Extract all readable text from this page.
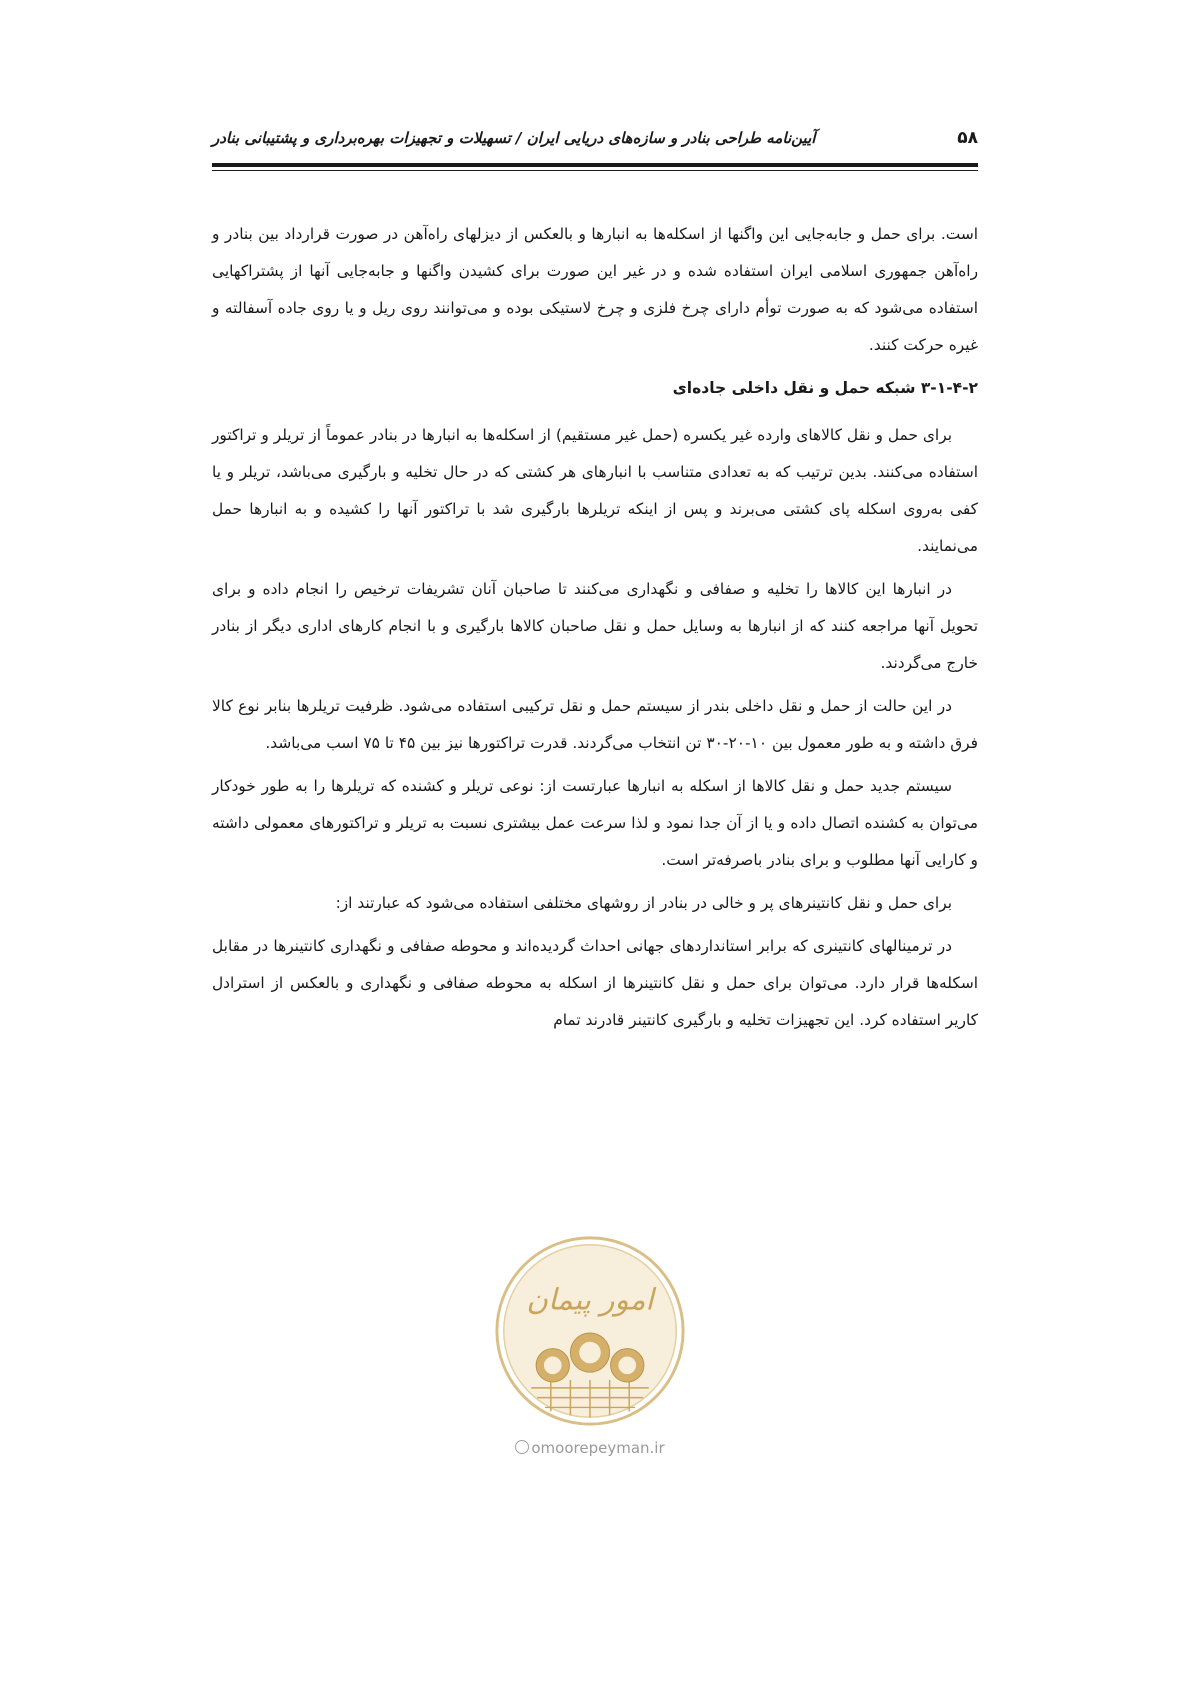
۵۸
آیین‌نامه طراحی بنادر و سازه‌های دریایی ایران / تسهیلات و تجهیزات بهره‌برداری و پشتیبانی بنادر

است. برای حمل و جابه‌جایی این واگنها از اسکله‌ها به انبارها و بالعکس از دیزلهای راه‌آهن در صورت قرارداد بین بنادر و راه‌آهن جمهوری اسلامی ایران استفاده شده و در غیر این صورت برای کشیدن واگنها و جابه‌جایی آنها از پشتراکهایی استفاده می‌شود که به صورت توأم دارای چرخ فلزی و چرخ لاستیکی بوده و می‌توانند روی ریل و یا روی جاده آسفالته و غیره حرکت کنند.

۳-۱-۴-۲ شبکه حمل و نقل داخلی جاده‌ای

برای حمل و نقل کالاهای وارده غیر یکسره (حمل غیر مستقیم) از اسکله‌ها به انبارها در بنادر عموماً از تریلر و تراکتور استفاده می‌کنند. بدین ترتیب که به تعدادی متناسب با انبارهای هر کشتی که در حال تخلیه و بارگیری می‌باشد، تریلر و یا کفی به‌روی اسکله پای کشتی می‌برند و پس از اینکه تریلرها بارگیری شد با تراکتور آنها را کشیده و به انبارها حمل می‌نمایند.

در انبارها این کالاها را تخلیه و صفافی و نگهداری می‌کنند تا صاحبان آنان تشریفات ترخیص را انجام داده و برای تحویل آنها مراجعه کنند که از انبارها به وسایل حمل و نقل صاحبان کالاها بارگیری و با انجام کارهای اداری دیگر از بنادر خارج می‌گردند.

در این حالت از حمل و نقل داخلی بندر از سیستم حمل و نقل ترکیبی استفاده می‌شود. ظرفیت تریلرها بنابر نوع کالا فرق داشته و به طور معمول بین ۱۰-۲۰-۳۰ تن انتخاب می‌گردند. قدرت تراکتورها نیز بین ۴۵ تا ۷۵ اسب می‌باشد.

سیستم جدید حمل و نقل کالاها از اسکله به انبارها عبارتست از: نوعی تریلر و کشنده که تریلرها را به طور خودکار می‌توان به کشنده اتصال داده و یا از آن جدا نمود و لذا سرعت عمل بیشتری نسبت به تریلر و تراکتورهای معمولی داشته و کارایی آنها مطلوب و برای بنادر باصرفه‌تر است.

برای حمل و نقل کانتینرهای پر و خالی در بنادر از روشهای مختلفی استفاده می‌شود که عبارتند از:

در ترمینالهای کانتینری که برابر استانداردهای جهانی احداث گردیده‌اند و محوطه صفافی و نگهداری کانتینرها در مقابل اسکله‌ها قرار دارد. می‌توان برای حمل و نقل کانتینرها از اسکله به محوطه صفافی و نگهداری و بالعکس از استرادل کاریر استفاده کرد. این تجهیزات تخلیه و بارگیری کانتینر قادرند تمام

امور پیمان
omoorepeyman.ir
